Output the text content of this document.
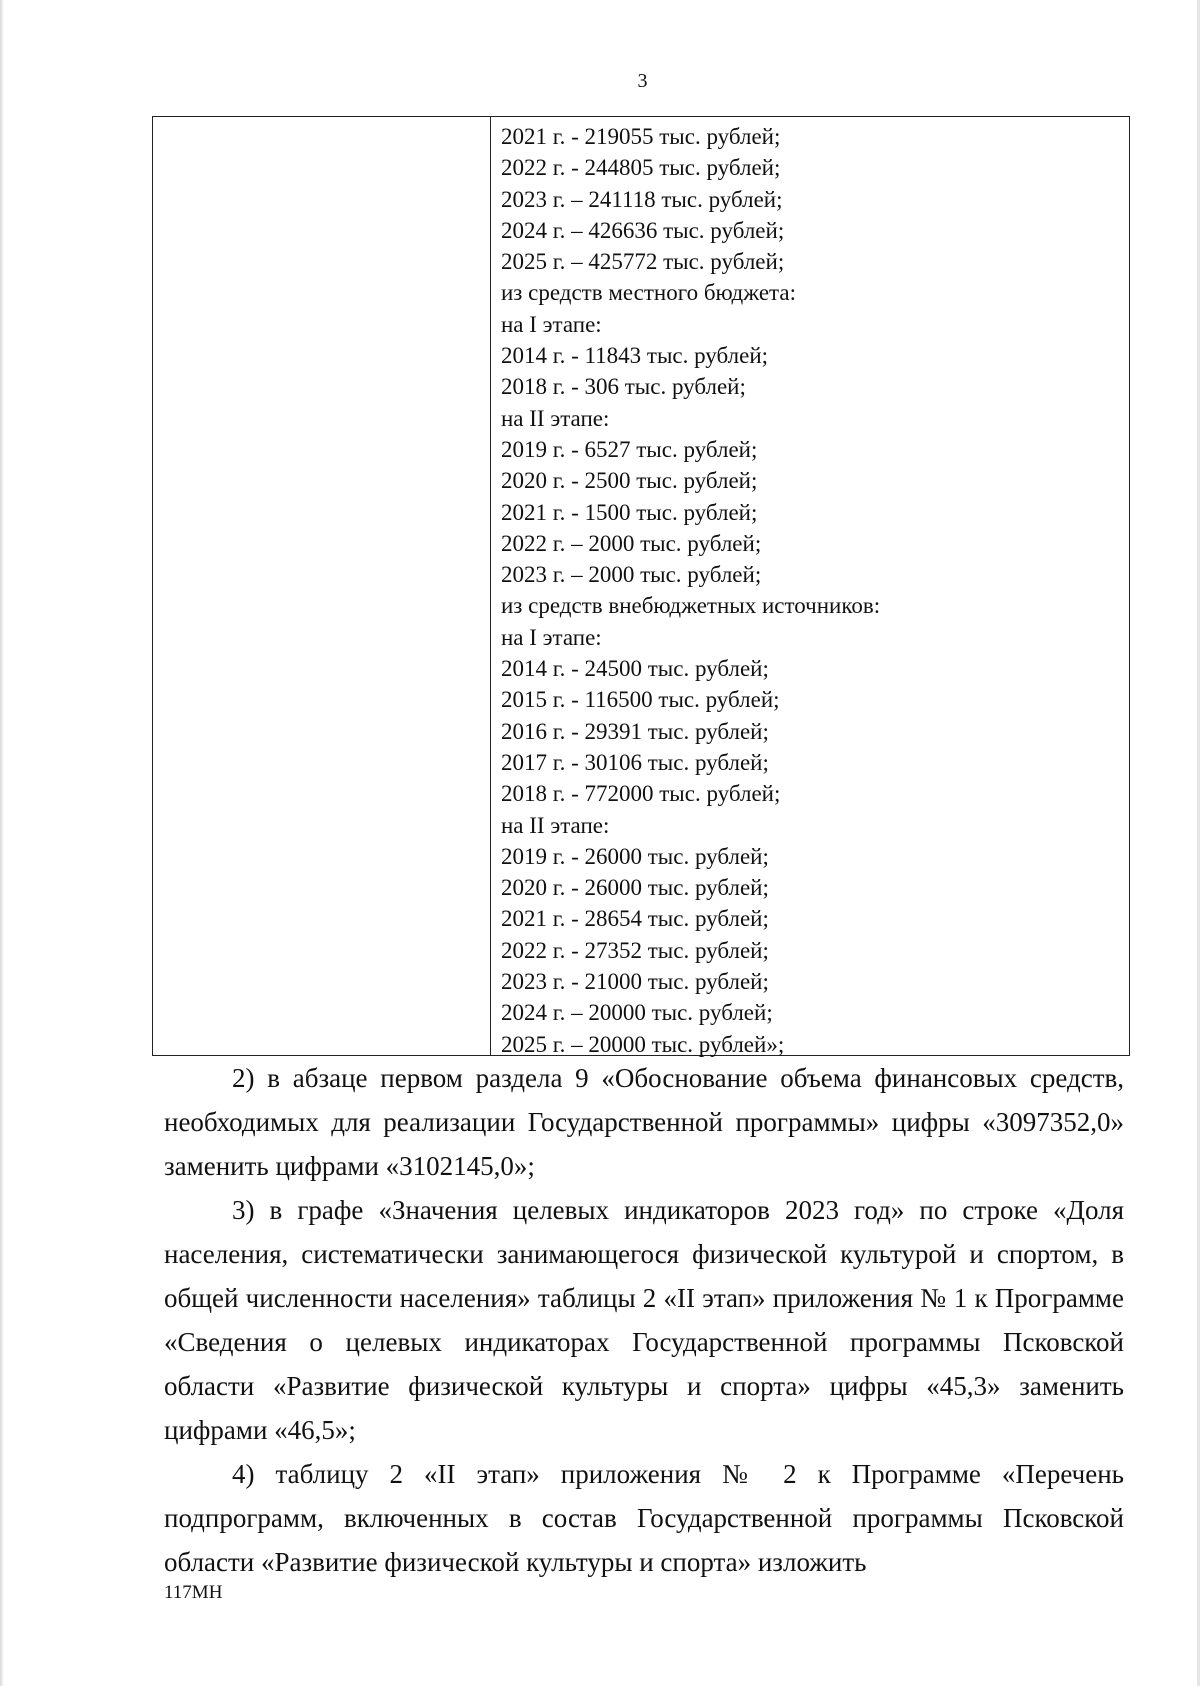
3
2021 г. - 219055 тыс. рублей;
2022 г. - 244805 тыс. рублей;
2023 г. – 241118 тыс. рублей;
2024 г. – 426636 тыс. рублей;
2025 г. – 425772 тыс. рублей;
из средств местного бюджета:
на I этапе:
2014 г. - 11843 тыс. рублей;
2018 г. - 306 тыс. рублей;
на II этапе:
2019 г. - 6527 тыс. рублей;
2020 г. - 2500 тыс. рублей;
2021 г. - 1500 тыс. рублей;
2022 г. – 2000 тыс. рублей;
2023 г. – 2000 тыс. рублей;
из средств внебюджетных источников:
на I этапе:
2014 г. - 24500 тыс. рублей;
2015 г. - 116500 тыс. рублей;
2016 г. - 29391 тыс. рублей;
2017 г. - 30106 тыс. рублей;
2018 г. - 772000 тыс. рублей;
на II этапе:
2019 г. - 26000 тыс. рублей;
2020 г. - 26000 тыс. рублей;
2021 г. - 28654 тыс. рублей;
2022 г. - 27352 тыс. рублей;
2023 г. - 21000 тыс. рублей;
2024 г. – 20000 тыс. рублей;
2025 г. – 20000 тыс. рублей»;

2) в абзаце первом раздела 9 «Обоснование объема финансовых средств, необходимых для реализации Государственной программы» цифры «3097352,0» заменить цифрами «3102145,0»;

3) в графе «Значения целевых индикаторов 2023 год» по строке «Доля населения, систематически занимающегося физической культурой и спортом, в общей численности населения» таблицы 2 «II этап» приложения № 1 к Программе «Сведения о целевых индикаторах Государственной программы Псковской области «Развитие физической культуры и спорта» цифры «45,3» заменить цифрами «46,5»;

4) таблицу 2 «II этап» приложения № 2 к Программе «Перечень подпрограмм, включенных в состав Государственной программы Псковской области «Развитие физической культуры и спорта» изложить

117МН
